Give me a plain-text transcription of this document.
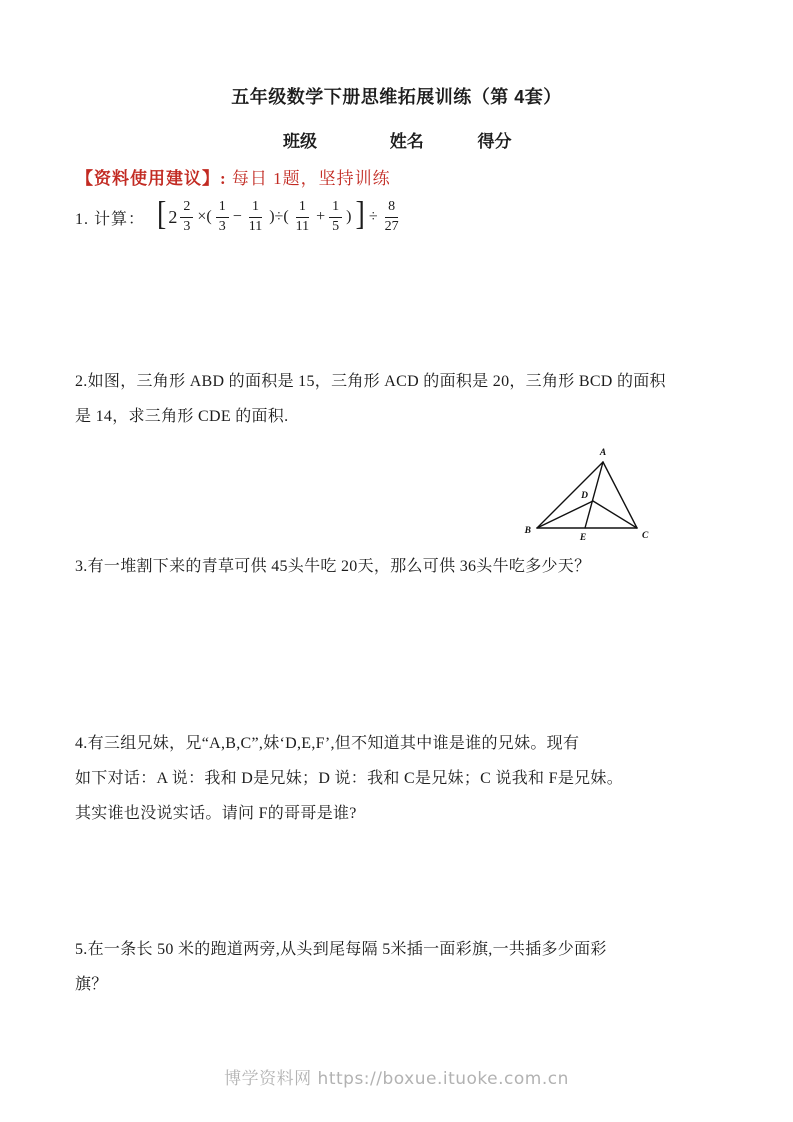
五年级数学下册思维拓展训练（第 4套）
班级	姓名	得分
【资料使用建议】: 每日 1题，坚持训练
1. 计算： [ $2 \frac{2}{3}$ ×( $\frac{1}{3} - \frac{1}{11}$ )÷( $\frac{1}{11} + \frac{1}{5}$ ) ] ÷ $\frac{8}{27}$
2.如图，三角形 ABD 的面积是 15，三角形 ACD 的面积是 20，三角形 BCD 的面积
是 14，求三角形 CDE 的面积.
A
B	C
D
E
3.有一堆割下来的青草可供 45头牛吃 20天，那么可供 36头牛吃多少天？
4.有三组兄妹，兄“A,B,C”,妹‘D,E,F’,但不知道其中谁是谁的兄妹。现有
如下对话：A 说：我和 D是兄妹；D 说：我和 C是兄妹；C 说我和 F是兄妹。
其实谁也没说实话。请问 F的哥哥是谁?
5.在一条长 50 米的跑道两旁,从头到尾每隔 5米插一面彩旗,一共插多少面彩
旗？
博学资料网 https://boxue.ituoke.com.cn
